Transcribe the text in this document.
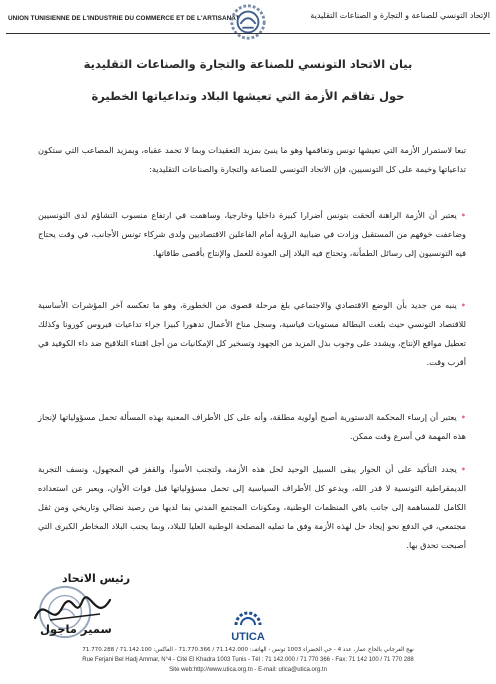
UNION TUNISIENNE DE L'INDUSTRIE DU COMMERCE ET DE L'ARTISANAT	الإتحاد التونسي للصناعة و التجارة و الصناعات التقليدية
بيان الاتحاد التونسي للصناعة والتجارة والصناعات التقليدية
حول تفاقم الأزمة التي تعيشها البلاد وتداعياتها الخطيرة

تبعا لاستمرار الأزمة التي تعيشها تونس وتفاقمها وهو ما ينبئ بمزيد التعقيدات وبما لا تحمد عقباه، وبمزيد المصاعب التي ستكون تداعياتها وخيمة على كل التونسيين، فإن الاتحاد التونسي للصناعة والتجارة والصناعات التقليدية:

•يعتبر أن الأزمة الراهنة ألحقت بتونس أضرارا كبيرة داخليا وخارجيا، وساهمت في ارتفاع منسوب التشاؤم لدى التونسيين وضاعفت خوفهم من المستقبل وزادت في ضبابية الرؤية أمام الفاعلين الاقتصاديين ولدى شركاء تونس الأجانب، في وقت يحتاج فيه التونسيون إلى رسائل الطمأنة، وتحتاج فيه البلاد إلى العودة للعمل والإنتاج بأقصى طاقاتها.

•ينبه من جديد بأن الوضع الاقتصادي والاجتماعي بلغ مرحلة قصوى من الخطورة، وهو ما تعكسه آخر المؤشرات الأساسية للاقتصاد التونسي حيث بلغت البطالة مستويات قياسية، وسجل مناخ الأعمال تدهورا كبيرا جراء تداعيات فيروس كورونا وكذلك تعطيل مواقع الإنتاج، ويشدد على وجوب بذل المزيد من الجهود وتسخير كل الإمكانيات من أجل اقتناء التلاقيح ضد داء الكوفيد في أقرب وقت.

•يعتبر أن إرساء المحكمة الدستورية أصبح أولوية مطلقة، وأنه على كل الأطراف المعنية بهذه المسألة تحمل مسؤولياتها لإنجاز هذه المهمة في أسرع وقت ممكن.

•يجدد التأكيد على أن الحوار يبقى السبيل الوحيد لحل هذه الأزمة، ولتجنب الأسوأ، والقفز في المجهول، ونسف التجربة الديمقراطية التونسية لا قدر الله، ويدعو كل الأطراف السياسية إلى تحمل مسؤولياتها قبل فوات الأوان، ويعبر عن استعداده الكامل للمساهمة إلى جانب باقي المنظمات الوطنية، ومكونات المجتمع المدني بما لديها من رصيد نضالي وتاريخي ومن ثقل مجتمعي، في الدفع نحو إيجاد حل لهذه الأزمة وفق ما تمليه المصلحة الوطنية العليا للبلاد، وبما يجنب البلاد المخاطر الكبرى التي أصبحت تحدق بها.

رئيس الاتحاد
سمير ماجول
UTICA
نهج الفرجاني بالحاج عمار، عدد 4 - حي الخضراء 1003 تونس - الهاتف: 71.142.000 / 71.770.366 - الفاكس: 71.142.100 / 71.770.288
Rue Ferjani Bel Hadj Ammar, N°4 - Cité El Khadra 1003 Tunis - Tél : 71 142.000 / 71 770 366 - Fax: 71 142 100 / 71 770 288
Site web:http://www.utica.org.tn - E-mail: utica@utica.org.tn
